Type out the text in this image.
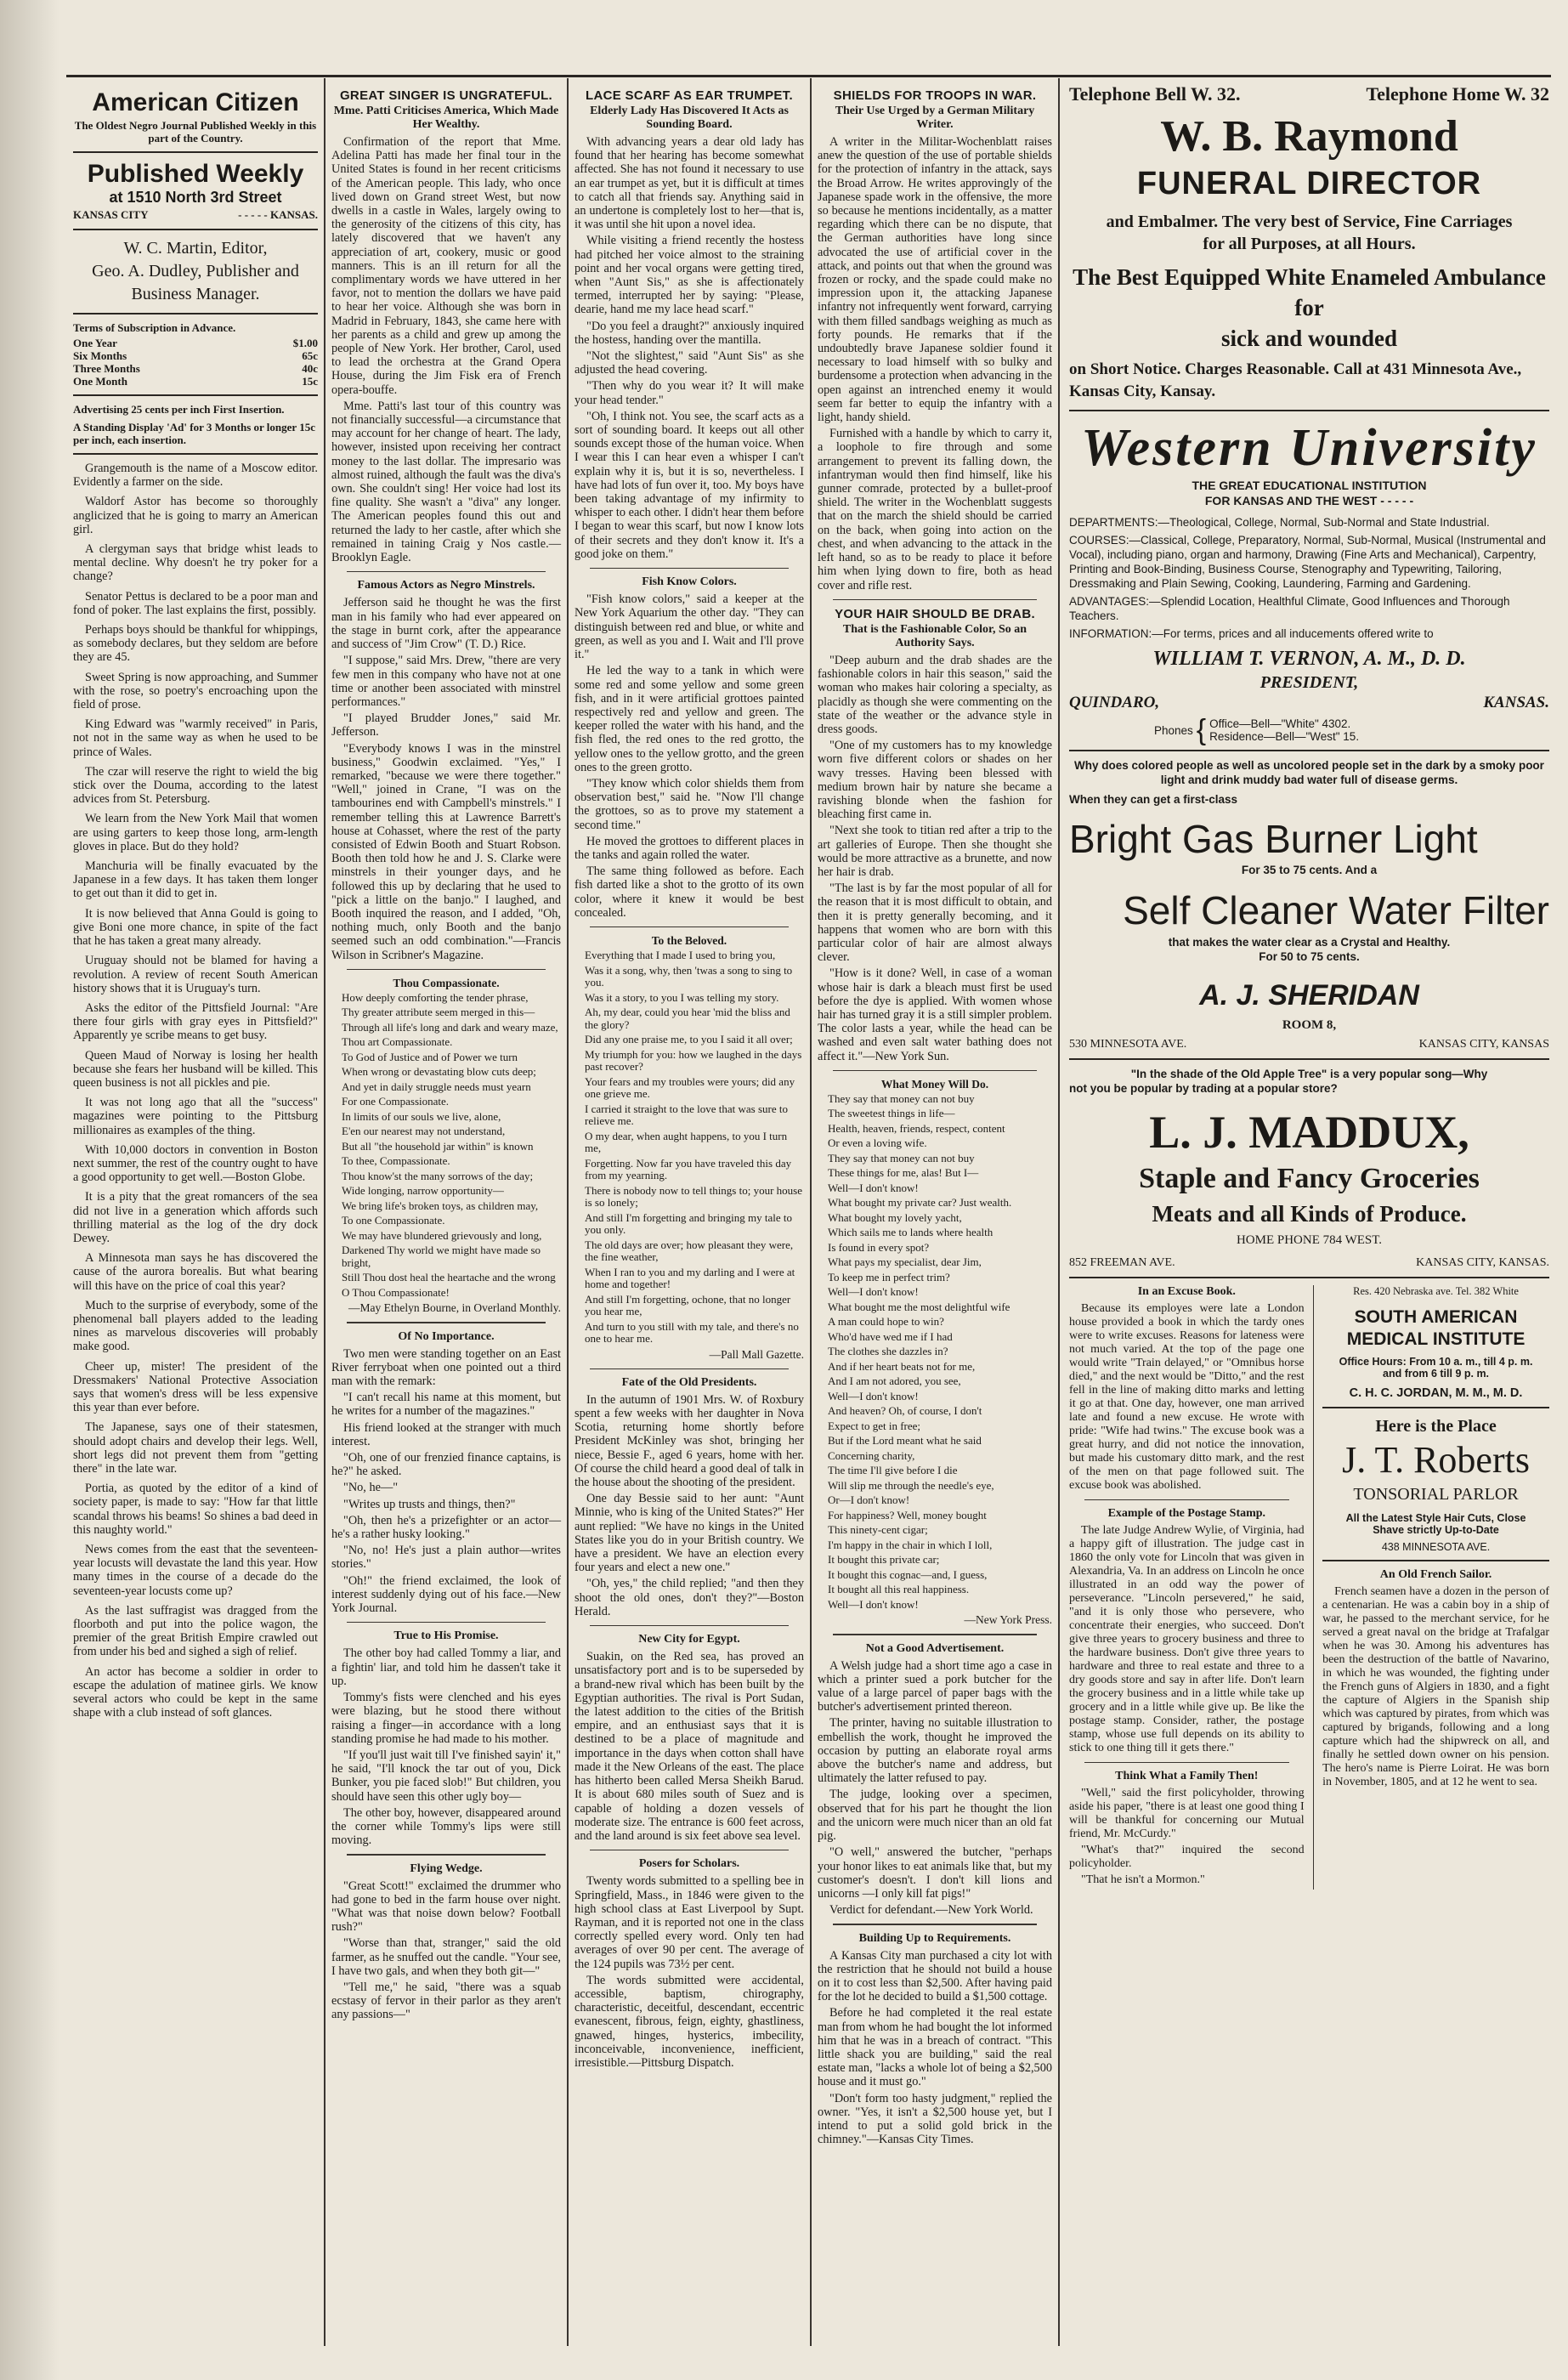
American Citizen
The Oldest Negro Journal Published Weekly in this part of the Country.
Published Weekly
at 1510 North 3rd Street
KANSAS CITY	- - - - - KANSAS.
W. C. Martin, Editor,
Geo. A. Dudley, Publisher and
Business Manager.
Terms of Subscription in Advance.
One Year	$1.00
Six Months	65c
Three Months	40c
One Month	15c
Advertising 25 cents per inch First Insertion.
A Standing Display 'Ad' for 3 Months or longer 15c per inch, each insertion.

Grangemouth is the name of a Moscow editor. Evidently a farmer on the side.

Waldorf Astor has become so thoroughly anglicized that he is going to marry an American girl.

A clergyman says that bridge whist leads to mental decline. Why doesn't he try poker for a change?

Senator Pettus is declared to be a poor man and fond of poker. The last explains the first, possibly.

Perhaps boys should be thankful for whippings, as somebody declares, but they seldom are before they are 45.

Sweet Spring is now approaching, and Summer with the rose, so poetry's encroaching upon the field of prose.

King Edward was "warmly received" in Paris, not not in the same way as when he used to be prince of Wales.

The czar will reserve the right to wield the big stick over the Douma, according to the latest advices from St. Petersburg.

We learn from the New York Mail that women are using garters to keep those long, arm-length gloves in place. But do they hold?

Manchuria will be finally evacuated by the Japanese in a few days. It has taken them longer to get out than it did to get in.

It is now believed that Anna Gould is going to give Boni one more chance, in spite of the fact that he has taken a great many already.

Uruguay should not be blamed for having a revolution. A review of recent South American history shows that it is Uruguay's turn.

Asks the editor of the Pittsfield Journal: "Are there four girls with gray eyes in Pittsfield?" Apparently ye scribe means to get busy.

Queen Maud of Norway is losing her health because she fears her husband will be killed. This queen business is not all pickles and pie.

It was not long ago that all the "success" magazines were pointing to the Pittsburg millionaires as examples of the thing.

With 10,000 doctors in convention in Boston next summer, the rest of the country ought to have a good opportunity to get well.—Boston Globe.

It is a pity that the great romancers of the sea did not live in a generation which affords such thrilling material as the log of the dry dock Dewey.

A Minnesota man says he has discovered the cause of the aurora borealis. But what bearing will this have on the price of coal this year?

Much to the surprise of everybody, some of the phenomenal ball players added to the leading nines as marvelous discoveries will probably make good.

Cheer up, mister! The president of the Dressmakers' National Protective Association says that women's dress will be less expensive this year than ever before.

The Japanese, says one of their statesmen, should adopt chairs and develop their legs. Well, short legs did not prevent them from "getting there" in the late war.

Portia, as quoted by the editor of a kind of society paper, is made to say: "How far that little scandal throws his beams! So shines a bad deed in this naughty world."

News comes from the east that the seventeen-year locusts will devastate the land this year. How many times in the course of a decade do the seventeen-year locusts come up?

As the last suffragist was dragged from the floorboth and put into the police wagon, the premier of the great British Empire crawled out from under his bed and sighed a sigh of relief.

An actor has become a soldier in order to escape the adulation of matinee girls. We know several actors who could be kept in the same shape with a club instead of soft glances.

GREAT SINGER IS UNGRATEFUL.
Mme. Patti Criticises America, Which Made Her Wealthy.

Confirmation of the report that Mme. Adelina Patti has made her final tour in the United States is found in her recent criticisms of the American people. This lady, who once lived down on Grand street West, but now dwells in a castle in Wales, largely owing to the generosity of the citizens of this city, has lately discovered that we haven't any appreciation of art, cookery, music or good manners. This is an ill return for all the complimentary words we have uttered in her favor, not to mention the dollars we have paid to hear her voice. Although she was born in Madrid in February, 1843, she came here with her parents as a child and grew up among the people of New York. Her brother, Carol, used to lead the orchestra at the Grand Opera House, during the Jim Fisk era of French opera-bouffe.

Mme. Patti's last tour of this country was not financially successful—a circumstance that may account for her change of heart. The lady, however, insisted upon receiving her contract money to the last dollar. The impresario was almost ruined, although the fault was the diva's own. She couldn't sing! Her voice had lost its fine quality. She wasn't a "diva" any longer. The American peoples found this out and returned the lady to her castle, after which she remained in taining Craig y Nos castle.—Brooklyn Eagle.

Famous Actors as Negro Minstrels.

Jefferson said he thought he was the first man in his family who had ever appeared on the stage in burnt cork, after the appearance and success of "Jim Crow" (T. D.) Rice.

"I suppose," said Mrs. Drew, "there are very few men in this company who have not at one time or another been associated with minstrel performances."

"I played Brudder Jones," said Mr. Jefferson.

"Everybody knows I was in the minstrel business," Goodwin exclaimed. "Yes," I remarked, "because we were there together." "Well," joined in Crane, "I was on the tambourines end with Campbell's minstrels." I remember telling this at Lawrence Barrett's house at Cohasset, where the rest of the party consisted of Edwin Booth and Stuart Robson. Booth then told how he and J. S. Clarke were minstrels in their younger days, and he followed this up by declaring that he used to "pick a little on the banjo." I laughed, and Booth inquired the reason, and I added, "Oh, nothing much, only Booth and the banjo seemed such an odd combination."—Francis Wilson in Scribner's Magazine.

Thou Compassionate.

How deeply comforting the tender phrase,

Thy greater attribute seem merged in this—

Through all life's long and dark and weary maze,

Thou art Compassionate.

To God of Justice and of Power we turn

When wrong or devastating blow cuts deep;

And yet in daily struggle needs must yearn

For one Compassionate.

In limits of our souls we live, alone,

E'en our nearest may not understand,

But all "the household jar within" is known

To thee, Compassionate.

Thou know'st the many sorrows of the day;

Wide longing, narrow opportunity—

We bring life's broken toys, as children may,

To one Compassionate.

We may have blundered grievously and long,

Darkened Thy world we might have made so bright,

Still Thou dost heal the heartache and the wrong

O Thou Compassionate!

—May Ethelyn Bourne, in Overland Monthly.
Of No Importance.

Two men were standing together on an East River ferryboat when one pointed out a third man with the remark:

"I can't recall his name at this moment, but he writes for a number of the magazines."

His friend looked at the stranger with much interest.

"Oh, one of our frenzied finance captains, is he?" he asked.

"No, he—"

"Writes up trusts and things, then?"

"Oh, then he's a prizefighter or an actor—he's a rather husky looking."

"No, no! He's just a plain author—writes stories."

"Oh!" the friend exclaimed, the look of interest suddenly dying out of his face.—New York Journal.

True to His Promise.

The other boy had called Tommy a liar, and a fightin' liar, and told him he dassen't take it up.

Tommy's fists were clenched and his eyes were blazing, but he stood there without raising a finger—in accordance with a long standing promise he had made to his mother.

"If you'll just wait till I've finished sayin' it," he said, "I'll knock the tar out of you, Dick Bunker, you pie faced slob!" But children, you should have seen this other ugly boy—

The other boy, however, disappeared around the corner while Tommy's lips were still moving.

Flying Wedge.

"Great Scott!" exclaimed the drummer who had gone to bed in the farm house over night. "What was that noise down below? Football rush?"

"Worse than that, stranger," said the old farmer, as he snuffed out the candle. "Your see, I have two gals, and when they both git—"

"Tell me," he said, "there was a squab ecstasy of fervor in their parlor as they aren't any passions—"

LACE SCARF AS EAR TRUMPET.
Elderly Lady Has Discovered It Acts as Sounding Board.

With advancing years a dear old lady has found that her hearing has become somewhat affected. She has not found it necessary to use an ear trumpet as yet, but it is difficult at times to catch all that friends say. Anything said in an undertone is completely lost to her—that is, it was until she hit upon a novel idea.

While visiting a friend recently the hostess had pitched her voice almost to the straining point and her vocal organs were getting tired, when "Aunt Sis," as she is affectionately termed, interrupted her by saying: "Please, dearie, hand me my lace head scarf."

"Do you feel a draught?" anxiously inquired the hostess, handing over the mantilla.

"Not the slightest," said "Aunt Sis" as she adjusted the head covering.

"Then why do you wear it? It will make your head tender."

"Oh, I think not. You see, the scarf acts as a sort of sounding board. It keeps out all other sounds except those of the human voice. When I wear this I can hear even a whisper I can't explain why it is, but it is so, nevertheless. I have had lots of fun over it, too. My boys have been taking advantage of my infirmity to whisper to each other. I didn't hear them before I began to wear this scarf, but now I know lots of their secrets and they don't know it. It's a good joke on them."

Fish Know Colors.

"Fish know colors," said a keeper at the New York Aquarium the other day. "They can distinguish between red and blue, or white and green, as well as you and I. Wait and I'll prove it."

He led the way to a tank in which were some red and some yellow and some green fish, and in it were artificial grottoes painted respectively red and yellow and green. The keeper rolled the water with his hand, and the fish fled, the red ones to the red grotto, the yellow ones to the yellow grotto, and the green ones to the green grotto.

"They know which color shields them from observation best," said he. "Now I'll change the grottoes, so as to prove my statement a second time."

He moved the grottoes to different places in the tanks and again rolled the water.

The same thing followed as before. Each fish darted like a shot to the grotto of its own color, where it knew it would be best concealed.

To the Beloved.

Everything that I made I used to bring you,

Was it a song, why, then 'twas a song to sing to you.

Was it a story, to you I was telling my story.

Ah, my dear, could you hear 'mid the bliss and the glory?

Did any one praise me, to you I said it all over;

My triumph for you: how we laughed in the days past recover?

Your fears and my troubles were yours; did any one grieve me.

I carried it straight to the love that was sure to relieve me.

O my dear, when aught happens, to you I turn me,

Forgetting. Now far you have traveled this day from my yearning.

There is nobody now to tell things to; your house is so lonely;

And still I'm forgetting and bringing my tale to you only.

The old days are over; how pleasant they were, the fine weather,

When I ran to you and my darling and I were at home and together!

And still I'm forgetting, ochone, that no longer you hear me,

And turn to you still with my tale, and there's no one to hear me.

—Pall Mall Gazette.
Fate of the Old Presidents.

In the autumn of 1901 Mrs. W. of Roxbury spent a few weeks with her daughter in Nova Scotia, returning home shortly before President McKinley was shot, bringing her niece, Bessie F., aged 6 years, home with her. Of course the child heard a good deal of talk in the house about the shooting of the president.

One day Bessie said to her aunt: "Aunt Minnie, who is king of the United States?" Her aunt replied: "We have no kings in the United States like you do in your British country. We have a president. We have an election every four years and elect a new one."

"Oh, yes," the child replied; "and then they shoot the old ones, don't they?"—Boston Herald.

New City for Egypt.

Suakin, on the Red sea, has proved an unsatisfactory port and is to be superseded by a brand-new rival which has been built by the Egyptian authorities. The rival is Port Sudan, the latest addition to the cities of the British empire, and an enthusiast says that it is destined to be a place of magnitude and importance in the days when cotton shall have made it the New Orleans of the east. The place has hitherto been called Mersa Sheikh Barud. It is about 680 miles south of Suez and is capable of holding a dozen vessels of moderate size. The entrance is 600 feet across, and the land around is six feet above sea level.

Posers for Scholars.

Twenty words submitted to a spelling bee in Springfield, Mass., in 1846 were given to the high school class at East Liverpool by Supt. Rayman, and it is reported not one in the class correctly spelled every word. Only ten had averages of over 90 per cent. The average of the 124 pupils was 73½ per cent.

The words submitted were accidental, accessible, baptism, chirography, characteristic, deceitful, descendant, eccentric evanescent, fibrous, feign, eighty, ghastliness, gnawed, hinges, hysterics, imbecility, inconceivable, inconvenience, inefficient, irresistible.—Pittsburg Dispatch.

SHIELDS FOR TROOPS IN WAR.
Their Use Urged by a German Military Writer.

A writer in the Militar-Wochenblatt raises anew the question of the use of portable shields for the protection of infantry in the attack, says the Broad Arrow. He writes approvingly of the Japanese spade work in the offensive, the more so because he mentions incidentally, as a matter regarding which there can be no dispute, that the German authorities have long since advocated the use of artificial cover in the attack, and points out that when the ground was frozen or rocky, and the spade could make no impression upon it, the attacking Japanese infantry not infrequently went forward, carrying with them filled sandbags weighing as much as forty pounds. He remarks that if the undoubtedly brave Japanese soldier found it necessary to load himself with so bulky and burdensome a protection when advancing in the open against an intrenched enemy it would seem far better to equip the infantry with a light, handy shield.

Furnished with a handle by which to carry it, a loophole to fire through and some arrangement to prevent its falling down, the infantryman would then find himself, like his gunner comrade, protected by a bullet-proof shield. The writer in the Wochenblatt suggests that on the march the shield should be carried on the back, when going into action on the chest, and when advancing to the attack in the left hand, so as to be ready to place it before him when lying down to fire, both as head cover and rifle rest.

YOUR HAIR SHOULD BE DRAB.
That is the Fashionable Color, So an Authority Says.

"Deep auburn and the drab shades are the fashionable colors in hair this season," said the woman who makes hair coloring a specialty, as placidly as though she were commenting on the state of the weather or the advance style in dress goods.

"One of my customers has to my knowledge worn five different colors or shades on her wavy tresses. Having been blessed with medium brown hair by nature she became a ravishing blonde when the fashion for bleaching first came in.

"Next she took to titian red after a trip to the art galleries of Europe. Then she thought she would be more attractive as a brunette, and now her hair is drab.

"The last is by far the most popular of all for the reason that it is most difficult to obtain, and then it is pretty generally becoming, and it happens that women who are born with this particular color of hair are almost always clever.

"How is it done? Well, in case of a woman whose hair is dark a bleach must first be used before the dye is applied. With women whose hair has turned gray it is a still simpler problem. The color lasts a year, while the head can be washed and even salt water bathing does not affect it."—New York Sun.

What Money Will Do.

They say that money can not buy

The sweetest things in life—

Health, heaven, friends, respect, content

Or even a loving wife.

They say that money can not buy

These things for me, alas! But I—

Well—I don't know!

What bought my private car? Just wealth.

What bought my lovely yacht,

Which sails me to lands where health

Is found in every spot?

What pays my specialist, dear Jim,

To keep me in perfect trim?

Well—I don't know!

What bought me the most delightful wife

A man could hope to win?

Who'd have wed me if I had

The clothes she dazzles in?

And if her heart beats not for me,

And I am not adored, you see,

Well—I don't know!

And heaven? Oh, of course, I don't

Expect to get in free;

But if the Lord meant what he said

Concerning charity,

The time I'll give before I die

Will slip me through the needle's eye,

Or—I don't know!

For happiness? Well, money bought

This ninety-cent cigar;

I'm happy in the chair in which I loll,

It bought this private car;

It bought this cognac—and, I guess,

It bought all this real happiness.

Well—I don't know!

—New York Press.
Not a Good Advertisement.

A Welsh judge had a short time ago a case in which a printer sued a pork butcher for the value of a large parcel of paper bags with the butcher's advertisement printed thereon.

The printer, having no suitable illustration to embellish the work, thought he improved the occasion by putting an elaborate royal arms above the butcher's name and address, but ultimately the latter refused to pay.

The judge, looking over a specimen, observed that for his part he thought the lion and the unicorn were much nicer than an old fat pig.

"O well," answered the butcher, "perhaps your honor likes to eat animals like that, but my customer's doesn't. I don't kill lions and unicorns —I only kill fat pigs!"

Verdict for defendant.—New York World.

Building Up to Requirements.

A Kansas City man purchased a city lot with the restriction that he should not build a house on it to cost less than $2,500. After having paid for the lot he decided to build a $1,500 cottage.

Before he had completed it the real estate man from whom he had bought the lot informed him that he was in a breach of contract. "This little shack you are building," said the real estate man, "lacks a whole lot of being a $2,500 house and it must go."

"Don't form too hasty judgment," replied the owner. "Yes, it isn't a $2,500 house yet, but I intend to put a solid gold brick in the chimney."—Kansas City Times.

Telephone Bell W. 32.	Telephone Home W. 32
W. B. Raymond
FUNERAL DIRECTOR
and Embalmer. The very best of Service, Fine Carriages
for all Purposes, at all Hours.
The Best Equipped White Enameled Ambulance for
sick and wounded
on Short Notice. Charges Reasonable. Call at 431 Minnesota Ave., Kansas City, Kansay.
Western University
THE GREAT EDUCATIONAL INSTITUTION
FOR KANSAS AND THE WEST - - - - -
DEPARTMENTS:—Theological, College, Normal, Sub-Normal and State Industrial.
COURSES:—Classical, College, Preparatory, Normal, Sub-Normal, Musical (Instrumental and Vocal), including piano, organ and harmony, Drawing (Fine Arts and Mechanical), Carpentry, Printing and Book-Binding, Business Course, Stenography and Typewriting, Tailoring, Dressmaking and Plain Sewing, Cooking, Laundering, Farming and Gardening.
ADVANTAGES:—Splendid Location, Healthful Climate, Good Influences and Thorough Teachers.
INFORMATION:—For terms, prices and all inducements offered write to
WILLIAM T. VERNON, A. M., D. D.
PRESIDENT,
QUINDARO,	KANSAS.
Phones { Office—Bell—"White" 4302.
Residence—Bell—"West" 15.
Why does colored people as well as uncolored people set in the dark by a smoky poor light and drink muddy bad water full of disease germs.
When they can get a first-class
Bright Gas Burner Light
For 35 to 75 cents. And a
Self Cleaner Water Filter
that makes the water clear as a Crystal and Healthy.
For 50 to 75 cents.
A. J. SHERIDAN
ROOM 8,
530 MINNESOTA AVE.	KANSAS CITY, KANSAS
"In the shade of the Old Apple Tree" is a very popular song—Why
not you be popular by trading at a popular store?
L. J. MADDUX,
Staple and Fancy Groceries
Meats and all Kinds of Produce.
HOME PHONE 784 WEST.
852 FREEMAN AVE.	KANSAS CITY, KANSAS.
In an Excuse Book.

Because its employes were late a London house provided a book in which the tardy ones were to write excuses. Reasons for lateness were not much varied. At the top of the page one would write "Train delayed," or "Omnibus horse died," and the next would be "Ditto," and the rest fell in the line of making ditto marks and letting it go at that. One day, however, one man arrived late and found a new excuse. He wrote with pride: "Wife had twins." The excuse book was a great hurry, and did not notice the innovation, but made his customary ditto mark, and the rest of the men on that page followed suit. The excuse book was abolished.

Example of the Postage Stamp.

The late Judge Andrew Wylie, of Virginia, had a happy gift of illustration. The judge cast in 1860 the only vote for Lincoln that was given in Alexandria, Va. In an address on Lincoln he once illustrated in an odd way the power of perseverance. "Lincoln persevered," he said, "and it is only those who persevere, who concentrate their energies, who succeed. Don't give three years to grocery business and three to the hardware business. Don't give three years to hardware and three to real estate and three to a dry goods store and say in after life. Don't learn the grocery business and in a little while take up grocery and in a little while give up. Be like the postage stamp. Consider, rather, the postage stamp, whose use full depends on its ability to stick to one thing till it gets there."

Think What a Family Then!

"Well," said the first policyholder, throwing aside his paper, "there is at least one good thing I will be thankful for concerning our Mutual friend, Mr. McCurdy."

"What's that?" inquired the second policyholder.

"That he isn't a Mormon."

Res. 420 Nebraska ave. Tel. 382 White
SOUTH AMERICAN
MEDICAL INSTITUTE
Office Hours: From 10 a. m., till 4 p. m.
and from 6 till 9 p. m.
C. H. C. JORDAN, M. M., M. D.
Here is the Place
J. T. Roberts
TONSORIAL PARLOR
All the Latest Style Hair Cuts, Close
Shave strictly Up-to-Date
438 MINNESOTA AVE.
An Old French Sailor.

French seamen have a dozen in the person of a centenarian. He was a cabin boy in a ship of war, he passed to the merchant service, for he served a great naval on the bridge at Trafalgar when he was 30. Among his adventures has been the destruction of the battle of Navarino, in which he was wounded, the fighting under the French guns of Algiers in 1830, and a fight the capture of Algiers in the Spanish ship which was captured by pirates, from which was captured by brigands, following and a long capture which had the shipwreck on all, and finally he settled down owner on his pension. The hero's name is Pierre Loirat. He was born in November, 1805, and at 12 he went to sea.
